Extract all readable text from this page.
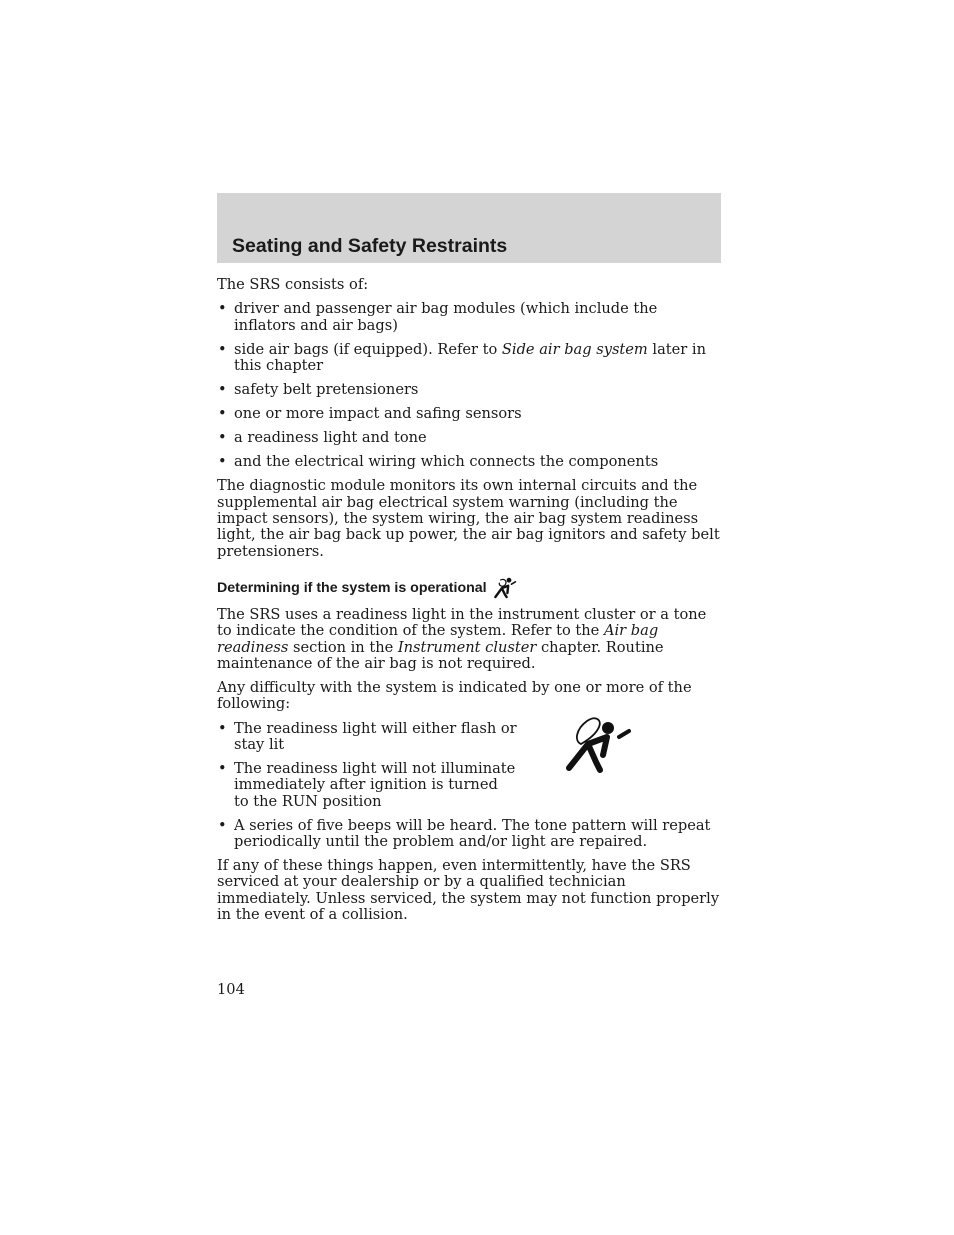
Seating and Safety Restraints

The SRS consists of:

• driver and passenger air bag modules (which include the inflators and air bags)
• side air bags (if equipped). Refer to Side air bag system later in this chapter
• safety belt pretensioners
• one or more impact and safing sensors
• a readiness light and tone
• and the electrical wiring which connects the components

The diagnostic module monitors its own internal circuits and the supplemental air bag electrical system warning (including the impact sensors), the system wiring, the air bag system readiness light, the air bag back up power, the air bag ignitors and safety belt pretensioners.

Determining if the system is operational

The SRS uses a readiness light in the instrument cluster or a tone to indicate the condition of the system. Refer to the Air bag readiness section in the Instrument cluster chapter. Routine maintenance of the air bag is not required.

Any difficulty with the system is indicated by one or more of the following:

• The readiness light will either flash or stay lit
• The readiness light will not illuminate immediately after ignition is turned to the RUN position
• A series of five beeps will be heard. The tone pattern will repeat periodically until the problem and/or light are repaired.

If any of these things happen, even intermittently, have the SRS serviced at your dealership or by a qualified technician immediately. Unless serviced, the system may not function properly in the event of a collision.

104
